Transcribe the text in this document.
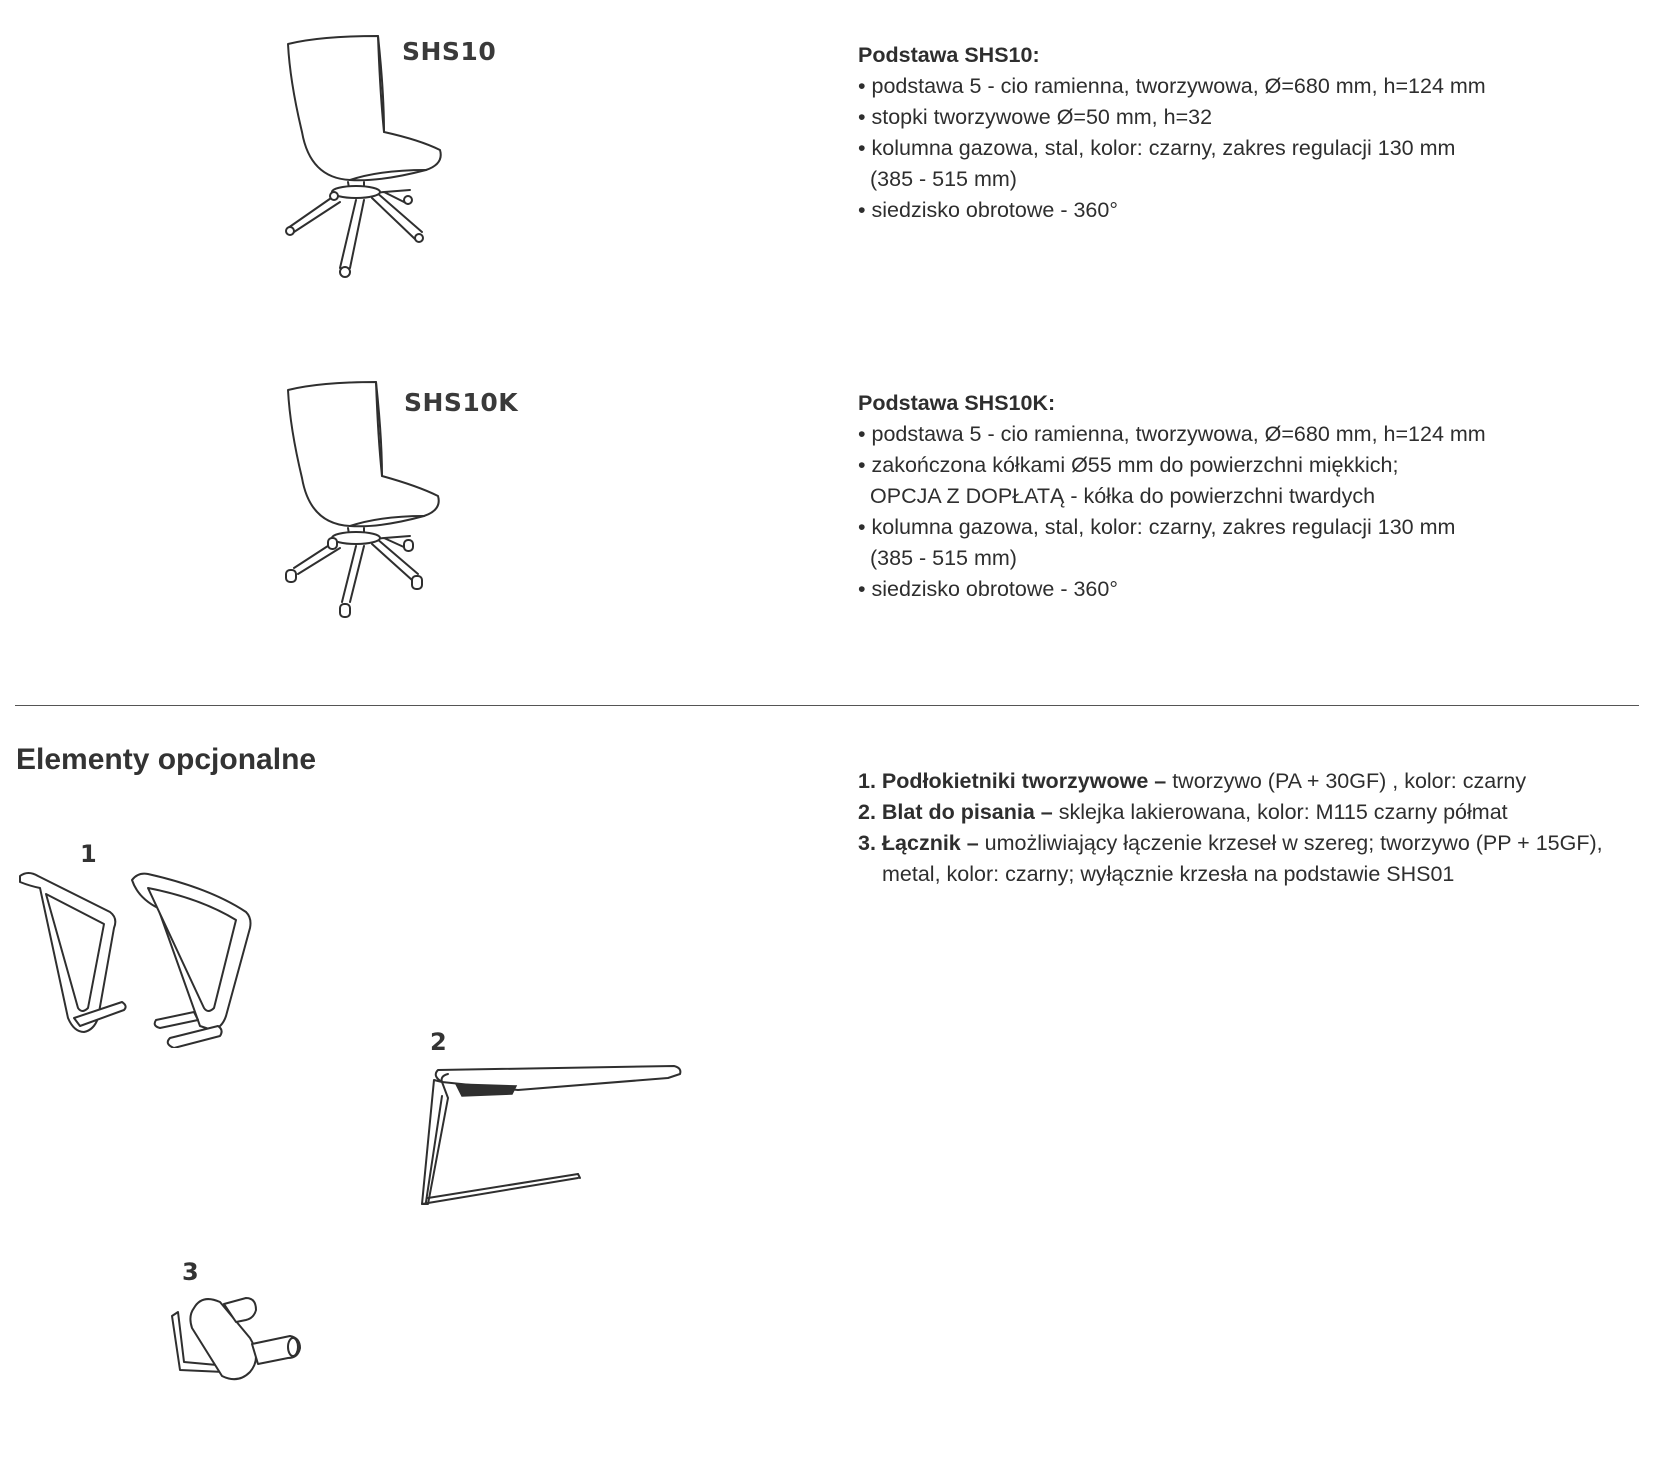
SHS10	Podstawa SHS10:
• podstawa 5 - cio ramienna, tworzywowa, Ø=680 mm, h=124 mm
• stopki tworzywowe Ø=50 mm, h=32
• kolumna gazowa, stal, kolor: czarny, zakres regulacji 130 mm
(385 - 515 mm)
• siedzisko obrotowe - 360°
SHS10K	Podstawa SHS10K:
• podstawa 5 - cio ramienna, tworzywowa, Ø=680 mm, h=124 mm
• zakończona kółkami Ø55 mm do powierzchni miękkich;
OPCJA Z DOPŁATĄ - kółka do powierzchni twardych
• kolumna gazowa, stal, kolor: czarny, zakres regulacji 130 mm
(385 - 515 mm)
• siedzisko obrotowe - 360°
Elementy opcjonalne
1. Podłokietniki tworzywowe – tworzywo (PA + 30GF) , kolor: czarny
2. Blat do pisania – sklejka lakierowana, kolor: M115 czarny półmat
3. Łącznik – umożliwiający łączenie krzeseł w szereg; tworzywo (PP + 15GF),
metal, kolor: czarny; wyłącznie krzesła na podstawie SHS01
1
2
3
